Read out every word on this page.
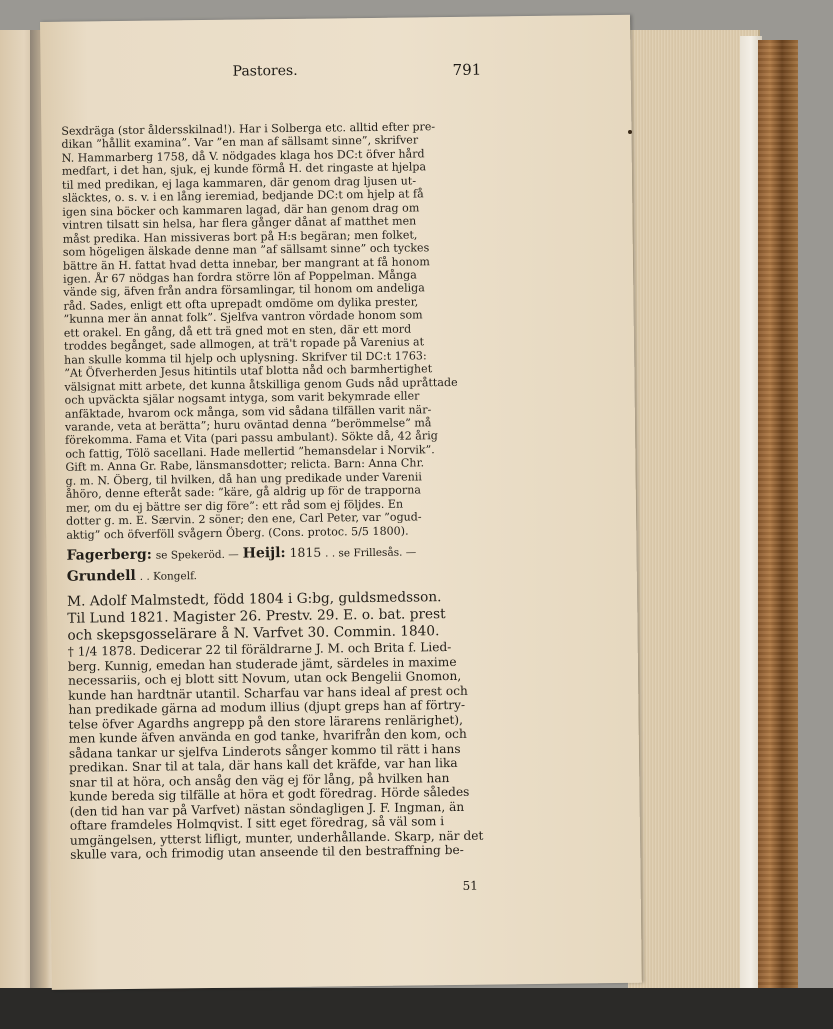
Pastores.	791
Sexdräga (stor åldersskilnad!). Har i Solberga etc. alltid efter pre-
dikan ”hållit examina”. Var ”en man af sällsamt sinne”, skrifver
N. Hammarberg 1758, då V. nödgades klaga hos DC:t öfver hård
medfart, i det han, sjuk, ej kunde förmå H. det ringaste at hjelpa
til med predikan, ej laga kammaren, där genom drag ljusen ut-
släcktes, o. s. v. i en lång ieremiad, bedjande DC:t om hjelp at få
igen sina böcker och kammaren lagad, där han genom drag om
vintren tilsatt sin helsa, har flera gånger dånat af matthet men
måst predika. Han missiveras bort på H:s begäran; men folket,
som högeligen älskade denne man ”af sällsamt sinne” och tyckes
bättre än H. fattat hvad detta innebar, ber mangrant at få honom
igen. År 67 nödgas han fordra större lön af Poppelman. Många
vände sig, äfven från andra församlingar, til honom om andeliga
råd. Sades, enligt ett ofta uprepadt omdöme om dylika prester,
”kunna mer än annat folk”. Sjelfva vantron vördade honom som
ett orakel. En gång, då ett trä gned mot en sten, där ett mord
troddes begånget, sade allmogen, at trä't ropade på Varenius at
han skulle komma til hjelp och uplysning. Skrifver til DC:t 1763:
”At Öfverherden Jesus hitintils utaf blotta nåd och barmhertighet
välsignat mitt arbete, det kunna åtskilliga genom Guds nåd upråttade
och upväckta själar nogsamt intyga, som varit bekymrade eller
anfäktade, hvarom ock många, som vid sådana tilfällen varit när-
varande, veta at berätta”; huru oväntad denna ”berömmelse” må
förekomma. Fama et Vita (pari passu ambulant). Sökte då, 42 årig
och fattig, Tölö sacellani. Hade mellertid ”hemansdelar i Norvik”.
Gift m. Anna Gr. Rabe, länsmansdotter; relicta. Barn: Anna Chr.
g. m. N. Öberg, til hvilken, då han ung predikade under Varenii
åhöro, denne efteråt sade: ”käre, gå aldrig up för de trapporna
mer, om du ej bättre ser dig före”: ett råd som ej följdes. En
dotter g. m. E. Særvin. 2 söner; den ene, Carl Peter, var ”ogud-
aktig” och öfverföll svågern Öberg. (Cons. protoc. 5/5 1800).
Fagerberg: se Spekeröd. — Heijl: 1815 . . se Frillesås. —
Grundell . . Kongelf.
M. Adolf Malmstedt, född 1804 i G:bg, guldsmedsson.
Til Lund 1821. Magister 26. Prestv. 29. E. o. bat. prest
och skepsgosselärare å N. Varfvet 30. Commin. 1840.
† 1/4 1878. Dedicerar 22 til föräldrarne J. M. och Brita f. Lied-
berg. Kunnig, emedan han studerade jämt, särdeles in maxime
necessariis, och ej blott sitt Novum, utan ock Bengelii Gnomon,
kunde han hardtnär utantil. Scharfau var hans ideal af prest och
han predikade gärna ad modum illius (djupt greps han af förtry-
telse öfver Agardhs angrepp på den store lärarens renlärighet),
men kunde äfven använda en god tanke, hvarifrån den kom, och
sådana tankar ur sjelfva Linderots sånger kommo til rätt i hans
predikan. Snar til at tala, där hans kall det kräfde, var han lika
snar til at höra, och ansåg den väg ej för lång, på hvilken han
kunde bereda sig tilfälle at höra et godt föredrag. Hörde således
(den tid han var på Varfvet) nästan söndagligen J. F. Ingman, än
oftare framdeles Holmqvist. I sitt eget föredrag, så väl som i
umgängelsen, ytterst lifligt, munter, underhållande. Skarp, när det
skulle vara, och frimodig utan anseende til den bestraffning be-
51
